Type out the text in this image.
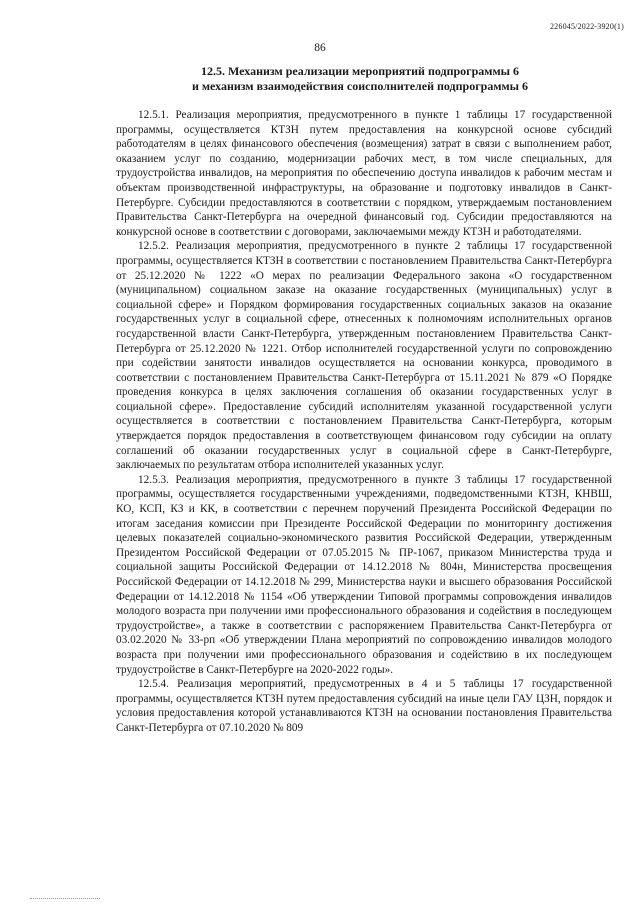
226045/2022-3920(1)
86
12.5. Механизм реализации мероприятий подпрограммы 6
и механизм взаимодействия соисполнителей подпрограммы 6

12.5.1. Реализация мероприятия, предусмотренного в пункте 1 таблицы 17 государственной программы, осуществляется КТЗН путем предоставления на конкурсной основе субсидий работодателям в целях финансового обеспечения (возмещения) затрат в связи с выполнением работ, оказанием услуг по созданию, модернизации рабочих мест, в том числе специальных, для трудоустройства инвалидов, на мероприятия по обеспечению доступа инвалидов к рабочим местам и объектам производственной инфраструктуры, на образование и подготовку инвалидов в Санкт-Петербурге. Субсидии предоставляются в соответствии с порядком, утверждаемым постановлением Правительства Санкт-Петербурга на очередной финансовый год. Субсидии предоставляются на конкурсной основе в соответствии с договорами, заключаемыми между КТЗН и работодателями.

12.5.2. Реализация мероприятия, предусмотренного в пункте 2 таблицы 17 государственной программы, осуществляется КТЗН в соответствии с постановлением Правительства Санкт-Петербурга от 25.12.2020 № 1222 «О мерах по реализации Федерального закона «О государственном (муниципальном) социальном заказе на оказание государственных (муниципальных) услуг в социальной сфере» и Порядком формирования государственных социальных заказов на оказание государственных услуг в социальной сфере, отнесенных к полномочиям исполнительных органов государственной власти Санкт-Петербурга, утвержденным постановлением Правительства Санкт-Петербурга от 25.12.2020 № 1221. Отбор исполнителей государственной услуги по сопровождению при содействии занятости инвалидов осуществляется на основании конкурса, проводимого в соответствии с постановлением Правительства Санкт-Петербурга от 15.11.2021 № 879 «О Порядке проведения конкурса в целях заключения соглашения об оказании государственных услуг в социальной сфере». Предоставление субсидий исполнителям указанной государственной услуги осуществляется в соответствии с постановлением Правительства Санкт-Петербурга, которым утверждается порядок предоставления в соответствующем финансовом году субсидии на оплату соглашений об оказании государственных услуг в социальной сфере в Санкт-Петербурге, заключаемых по результатам отбора исполнителей указанных услуг.

12.5.3. Реализация мероприятия, предусмотренного в пункте 3 таблицы 17 государственной программы, осуществляется государственными учреждениями, подведомственными КТЗН, КНВШ, КО, КСП, КЗ и КК, в соответствии с перечнем поручений Президента Российской Федерации по итогам заседания комиссии при Президенте Российской Федерации по мониторингу достижения целевых показателей социально-экономического развития Российской Федерации, утвержденным Президентом Российской Федерации от 07.05.2015 № ПР-1067, приказом Министерства труда и социальной защиты Российской Федерации от 14.12.2018 № 804н, Министерства просвещения Российской Федерации от 14.12.2018 № 299, Министерства науки и высшего образования Российской Федерации от 14.12.2018 № 1154 «Об утверждении Типовой программы сопровождения инвалидов молодого возраста при получении ими профессионального образования и содействия в последующем трудоустройстве», а также в соответствии с распоряжением Правительства Санкт-Петербурга от 03.02.2020 № 33-рп «Об утверждении Плана мероприятий по сопровождению инвалидов молодого возраста при получении ими профессионального образования и содействию в их последующем трудоустройстве в Санкт-Петербурге на 2020-2022 годы».

12.5.4. Реализация мероприятий, предусмотренных в 4 и 5 таблицы 17 государственной программы, осуществляется КТЗН путем предоставления субсидий на иные цели ГАУ ЦЗН, порядок и условия предоставления которой устанавливаются КТЗН на основании постановления Правительства Санкт-Петербурга от 07.10.2020 № 809
